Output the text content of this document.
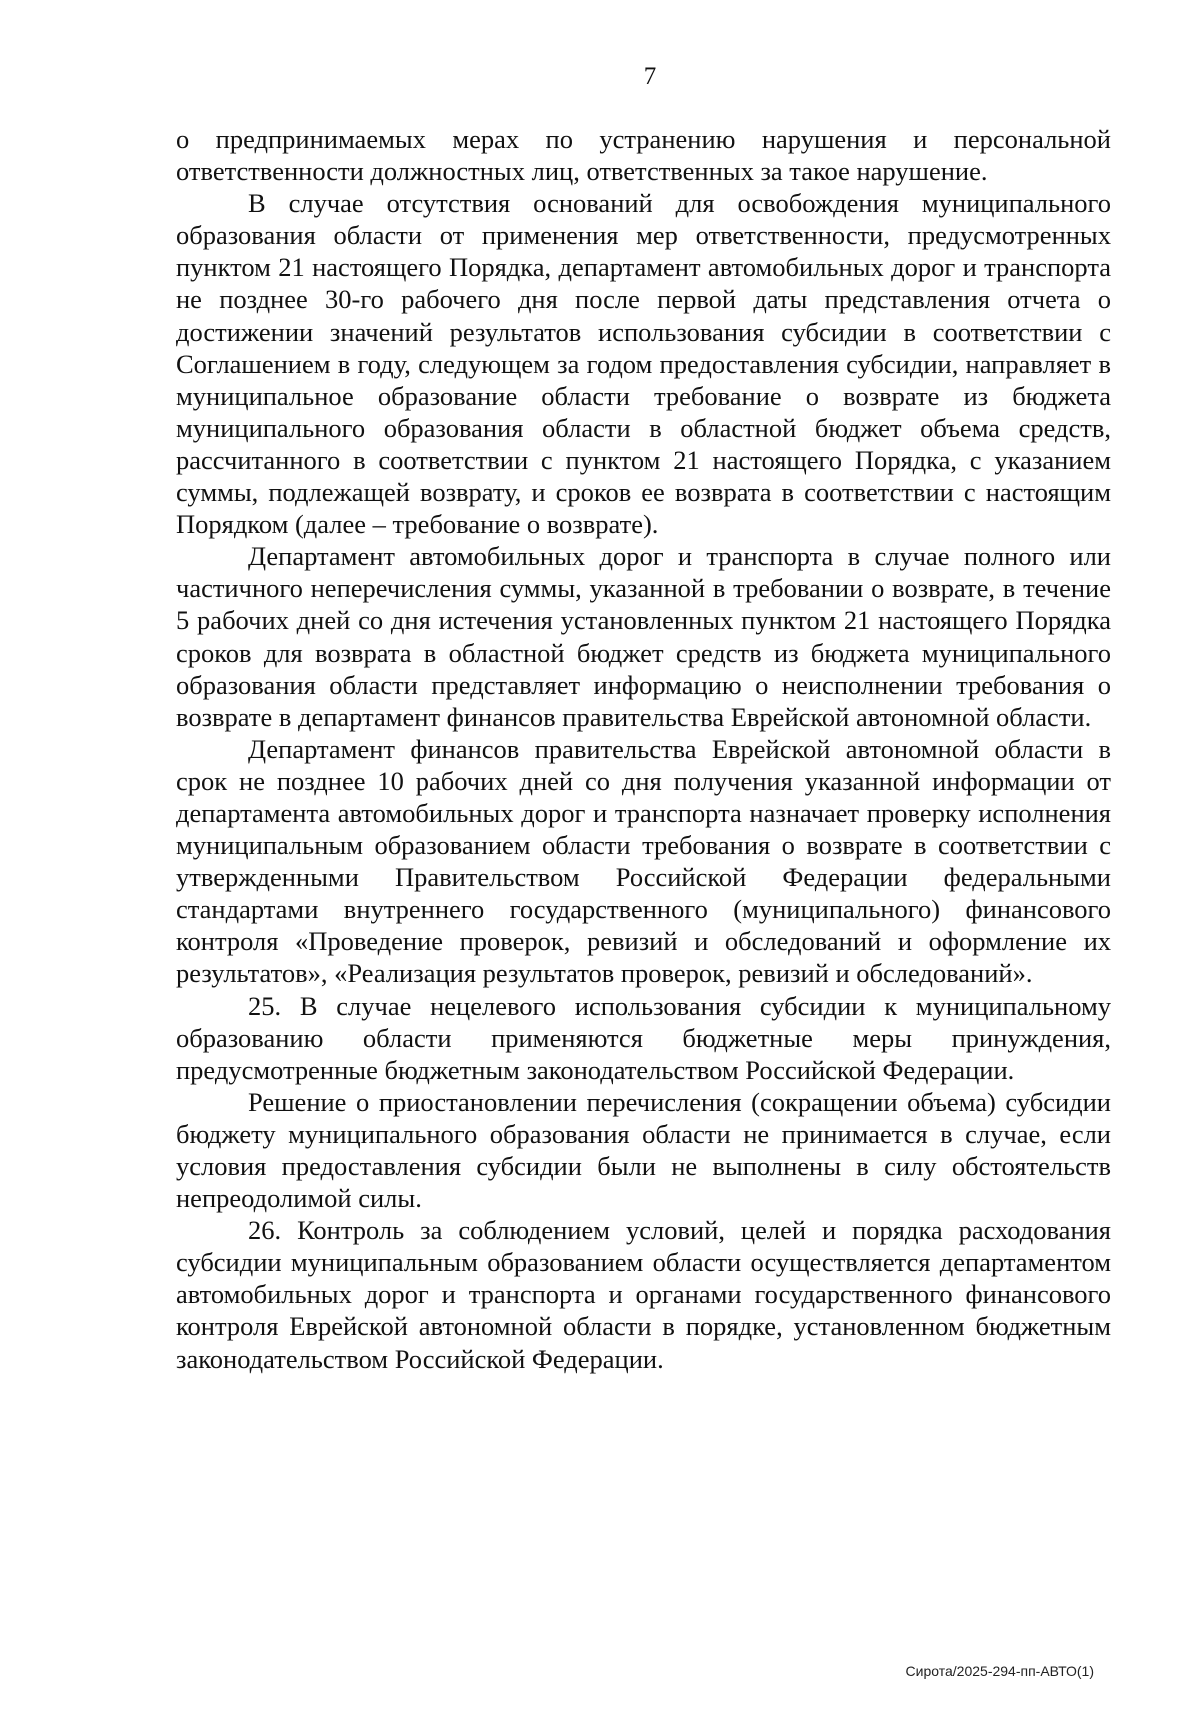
7

о предпринимаемых мерах по устранению нарушения и персональной ответственности должностных лиц, ответственных за такое нарушение.

В случае отсутствия оснований для освобождения муниципального образования области от применения мер ответственности, предусмотренных пунктом 21 настоящего Порядка, департамент автомобильных дорог и транспорта не позднее 30-го рабочего дня после первой даты представления отчета о достижении значений результатов использования субсидии в соответствии с Соглашением в году, следующем за годом предоставления субсидии, направляет в муниципальное образование области требование о возврате из бюджета муниципального образования области в областной бюджет объема средств, рассчитанного в соответствии с пунктом 21 настоящего Порядка, с указанием суммы, подлежащей возврату, и сроков ее возврата в соответствии с настоящим Порядком (далее – требование о возврате).

Департамент автомобильных дорог и транспорта в случае полного или частичного неперечисления суммы, указанной в требовании о возврате, в течение 5 рабочих дней со дня истечения установленных пунктом 21 настоящего Порядка сроков для возврата в областной бюджет средств из бюджета муниципального образования области представляет информацию о неисполнении требования о возврате в департамент финансов правительства Еврейской автономной области.

Департамент финансов правительства Еврейской автономной области в срок не позднее 10 рабочих дней со дня получения указанной информации от департамента автомобильных дорог и транспорта назначает проверку исполнения муниципальным образованием области требования о возврате в соответствии с утвержденными Правительством Российской Федерации федеральными стандартами внутреннего государственного (муниципального) финансового контроля «Проведение проверок, ревизий и обследований и оформление их результатов», «Реализация результатов проверок, ревизий и обследований».

25. В случае нецелевого использования субсидии к муниципальному образованию области применяются бюджетные меры принуждения, предусмотренные бюджетным законодательством Российской Федерации.

Решение о приостановлении перечисления (сокращении объема) субсидии бюджету муниципального образования области не принимается в случае, если условия предоставления субсидии были не выполнены в силу обстоятельств непреодолимой силы.

26. Контроль за соблюдением условий, целей и порядка расходования субсидии муниципальным образованием области осуществляется департаментом автомобильных дорог и транспорта и органами государственного финансового контроля Еврейской автономной области в порядке, установленном бюджетным законодательством Российской Федерации.

Сирота/2025-294-пп-АВТО(1)
